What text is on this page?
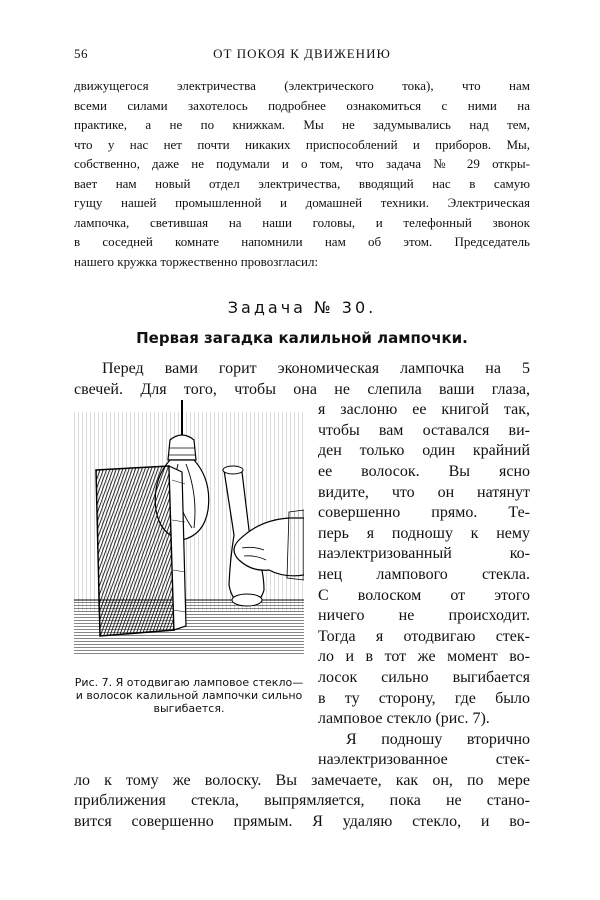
56	ОТ ПОКОЯ К ДВИЖЕНИЮ
движущегося электричества (электрического тока), что нам
всеми силами захотелось подробнее ознакомиться с ними на
практике, а не по книжкам. Мы не задумывались над тем,
что у нас нет почти никаких приспособлений и приборов. Мы,
собственно, даже не подумали и о том, что задача № 29 откры-
вает нам новый отдел электричества, вводящий нас в самую
гущу нашей промышленной и домашней техники. Электрическая
лампочка, светившая на наши головы, и телефонный звонок
в соседней комнате напомнили нам об этом. Председатель
нашего кружка торжественно провозгласил:
Задача № 30.
Первая загадка калильной лампочки.
Перед вами горит экономическая лампочка на 5
свечей. Для того, чтобы она не слепила ваши глаза,
Рис. 7. Я отодвигаю ламповое стекло— и волосок калильной лампочки сильно выгибается.
я заслоню ее книгой так,
чтобы вам оставался ви-
ден только один крайний
ее волосок. Вы ясно
видите, что он натянут
совершенно прямо. Те-
перь я подношу к нему
наэлектризованный ко-
нец лампового стекла.
С волоском от этого
ничего не происходит.
Тогда я отодвигаю стек-
ло и в тот же момент во-
лосок сильно выгибается
в ту сторону, где было
ламповое стекло (рис. 7).
Я подношу вторично
наэлектризованное стек-
ло к тому же волоску. Вы замечаете, как он, по мере
приближения стекла, выпрямляется, пока не стано-
вится совершенно прямым. Я удаляю стекло, и во-
